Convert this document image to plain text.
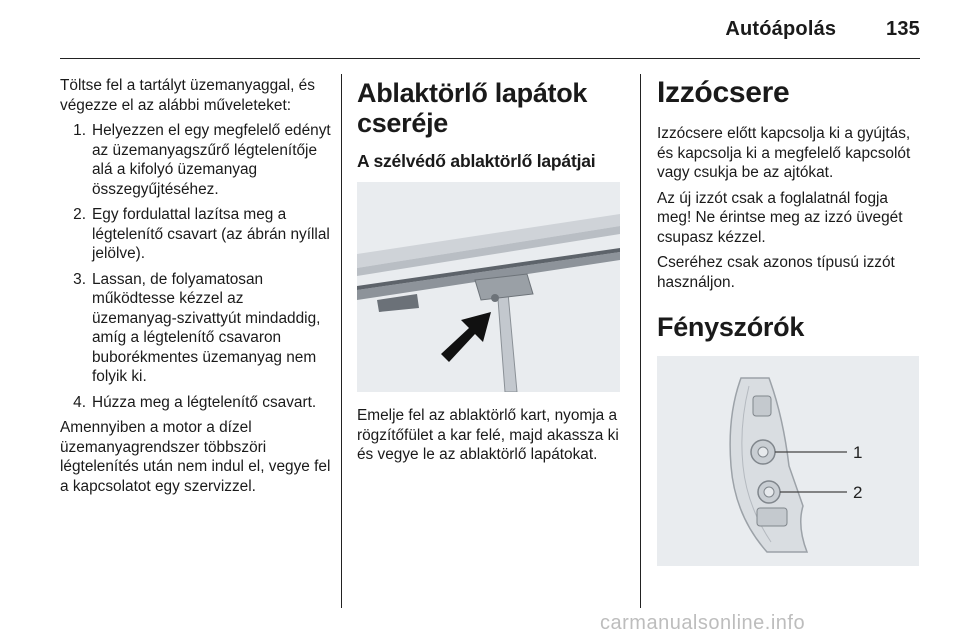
Autóápolás 135

Töltse fel a tartályt üzemanyaggal, és végezze el az alábbi műveleteket:

1. Helyezzen el egy megfelelő edényt az üzemanyagszűrő légtelenítője alá a kifolyó üzemanyag összegyűjtéséhez.
2. Egy fordulattal lazítsa meg a légtelenítő csavart (az ábrán nyíllal jelölve).
3. Lassan, de folyamatosan működtesse kézzel az üzemanyag-szivattyút mindaddig, amíg a légtelenítő csavaron buborékmentes üzemanyag nem folyik ki.
4. Húzza meg a légtelenítő csavart.

Amennyiben a motor a dízel üzemanyagrendszer többszöri légtelenítés után nem indul el, vegye fel a kapcsolatot egy szervizzel.

Ablaktörlő lapátok cseréje
A szélvédő ablaktörlő lapátjai

Emelje fel az ablaktörlő kart, nyomja a rögzítőfület a kar felé, majd akassza ki és vegye le az ablaktörlő lapátokat.

Izzócsere

Izzócsere előtt kapcsolja ki a gyújtás, és kapcsolja ki a megfelelő kapcsolót vagy csukja be az ajtókat.

Az új izzót csak a foglalatnál fogja meg! Ne érintse meg az izzó üvegét csupasz kézzel.

Cseréhez csak azonos típusú izzót használjon.

Fényszórók
1
2
carmanualsonline.info
